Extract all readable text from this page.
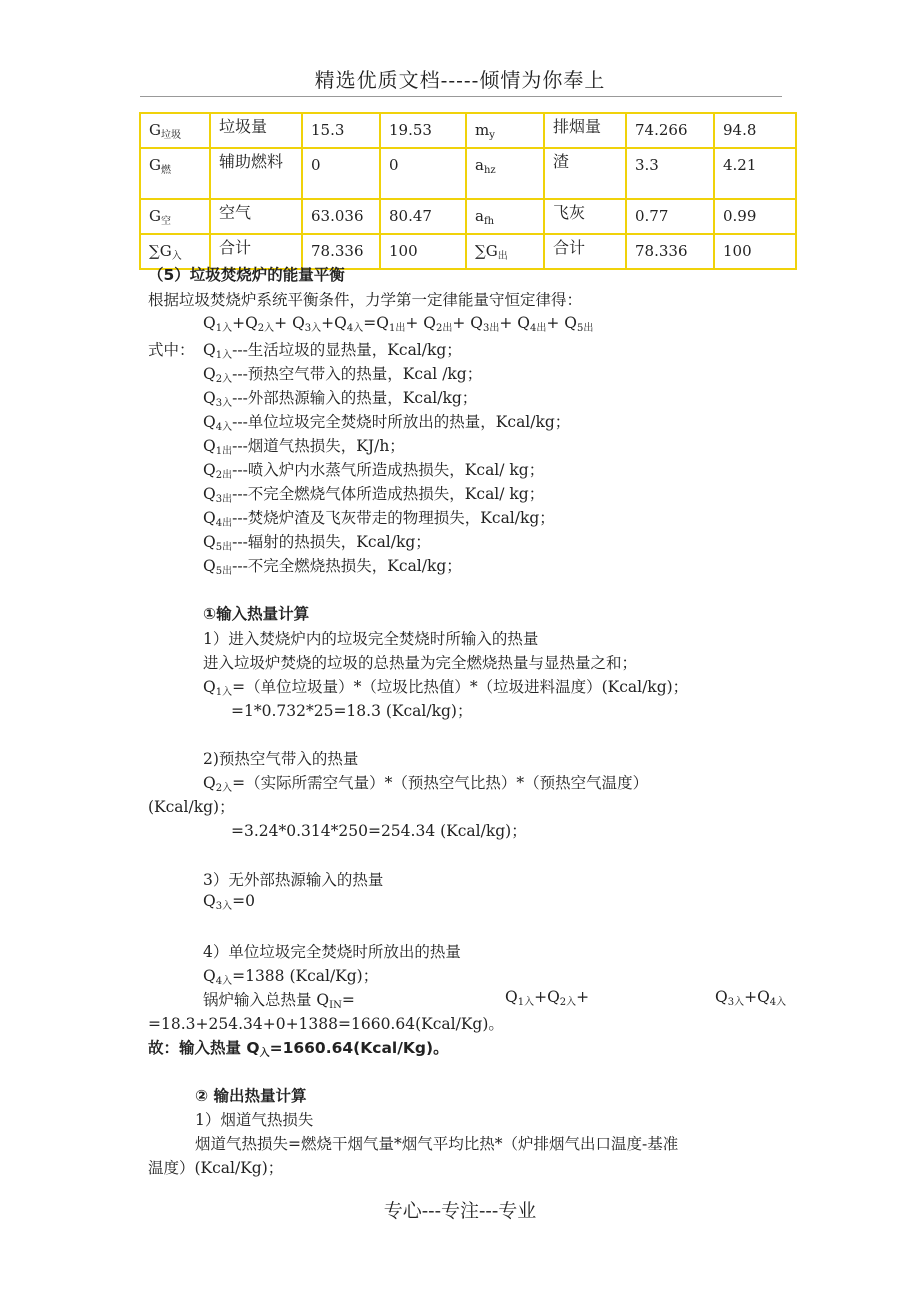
精选优质文档-----倾情为你奉上
$G_{垃圾}$	垃圾量	15.3	19.53	$m_y$	排烟量	74.266	94.8
$G_燃$	辅助燃料	0	0	$a_{hz}$	渣	3.3	4.21
$G_空$	空气	63.036	80.47	$a_{fh}$	飞灰	0.77	0.99
$\sum G_入$	合计	78.336	100	$\sum G_出$	合计	78.336	100
（5）垃圾焚烧炉的能量平衡
根据垃圾焚烧炉系统平衡条件，力学第一定律能量守恒定律得：
$Q_{1入}+Q_{2入}+ Q_{3入}+Q_{4入}=Q_{1出}+ Q_{2出}+ Q_{3出}+ Q_{4出}+ Q_{5出}$
式中： $Q_{1入}---$生活垃圾的显热量，Kcal/kg；
$Q_{2入}---$预热空气带入的热量，Kcal /kg；
$Q_{3入}---$外部热源输入的热量，Kcal/kg；
$Q_{4入}---$单位垃圾完全焚烧时所放出的热量，Kcal/kg；
$Q_{1出}---$烟道气热损失，KJ/h；
$Q_{2出}---$喷入炉内水蒸气所造成热损失，Kcal/ kg；
$Q_{3出}---$不完全燃烧气体所造成热损失，Kcal/ kg；
$Q_{4出}---$焚烧炉渣及飞灰带走的物理损失，Kcal/kg；
$Q_{5出}---$辐射的热损失，Kcal/kg；
$Q_{5出}---$不完全燃烧热损失，Kcal/kg；
①输入热量计算
1）进入焚烧炉内的垃圾完全焚烧时所输入的热量
进入垃圾炉焚烧的垃圾的总热量为完全燃烧热量与显热量之和；
$Q_{1入}=$（单位垃圾量）*（垃圾比热值）*（垃圾进料温度）(Kcal/kg)；
=1*0.732*25=18.3 (Kcal/kg)；
2)预热空气带入的热量
$Q_{2入}=$（实际所需空气量）*（预热空气比热）*（预热空气温度）
(Kcal/kg)；
=3.24*0.314*250=254.34 (Kcal/kg)；
3）无外部热源输入的热量
$Q_{3入}=0$
4）单位垃圾完全焚烧时所放出的热量
$Q_{4入}=1388$ (Kcal/Kg)；
锅炉输入总热量 $Q_{IN}=$	$Q_{1入}+Q_{2入}+$	$Q_{3入}+Q_{4入}$
=18.3+254.34+0+1388=1660.64(Kcal/Kg)。
故：输入热量 $Q_入=1660.64(Kcal/Kg)$。
② 输出热量计算
1）烟道气热损失
烟道气热损失=燃烧干烟气量*烟气平均比热*（炉排烟气出口温度-基准
温度）(Kcal/Kg)；
专心---专注---专业
